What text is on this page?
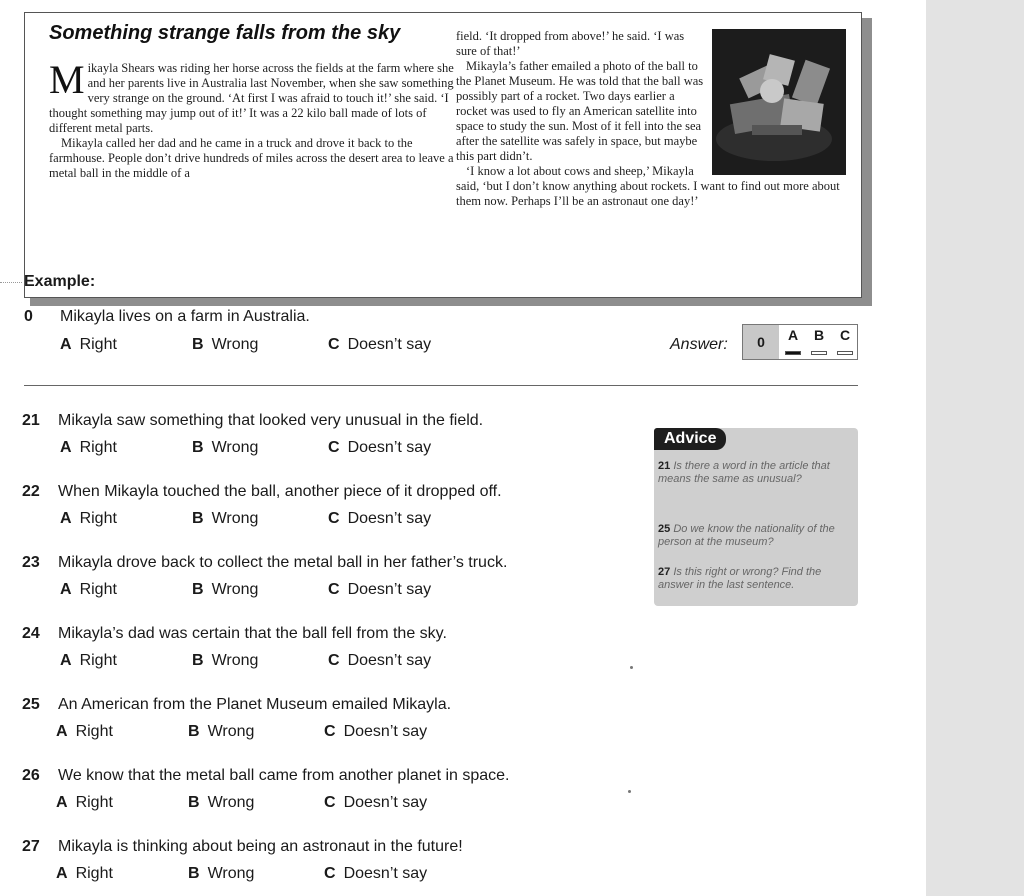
Something strange falls from the sky

Mikayla Shears was riding her horse across the fields at the farm where she and her parents live in Australia last November, when she saw something very strange on the ground. ‘At first I was afraid to touch it!’ she said. ‘I thought something may jump out of it!’ It was a 22 kilo ball made of lots of different metal parts.

Mikayla called her dad and he came in a truck and drove it back to the farmhouse. People don’t drive hundreds of miles across the desert area to leave a metal ball in the middle of a

field. ‘It dropped from above!’ he said. ‘I was sure of that!’

Mikayla’s father emailed a photo of the ball to the Planet Museum. He was told that the ball was possibly part of a rocket. Two days earlier a rocket was used to fly an American satellite into space to study the sun. Most of it fell into the sea after the satellite was safely in space, but maybe this part didn’t.

‘I know a lot about cows and sheep,’ Mikayla said, ‘but I don’t know anything about rockets. I want to find out more about them now. Perhaps I’ll be an astronaut one day!’

Example:
0 Mikayla lives on a farm in Australia.
A Right	B Wrong	C Doesn’t say	Answer:	0	A	B	C
21 Mikayla saw something that looked very unusual in the field.
A Right	B Wrong	C Doesn’t say
22 When Mikayla touched the ball, another piece of it dropped off.
A Right	B Wrong	C Doesn’t say
23 Mikayla drove back to collect the metal ball in her father’s truck.
A Right	B Wrong	C Doesn’t say
24 Mikayla’s dad was certain that the ball fell from the sky.
A Right	B Wrong	C Doesn’t say
25 An American from the Planet Museum emailed Mikayla.
A Right	B Wrong	C Doesn’t say
26 We know that the metal ball came from another planet in space.
A Right	B Wrong	C Doesn’t say
27 Mikayla is thinking about being an astronaut in the future!
A Right	B Wrong	C Doesn’t say
Advice
21 Is there a word in the article that means the same as unusual?
25 Do we know the nationality of the person at the museum?
27 Is this right or wrong? Find the answer in the last sentence.
